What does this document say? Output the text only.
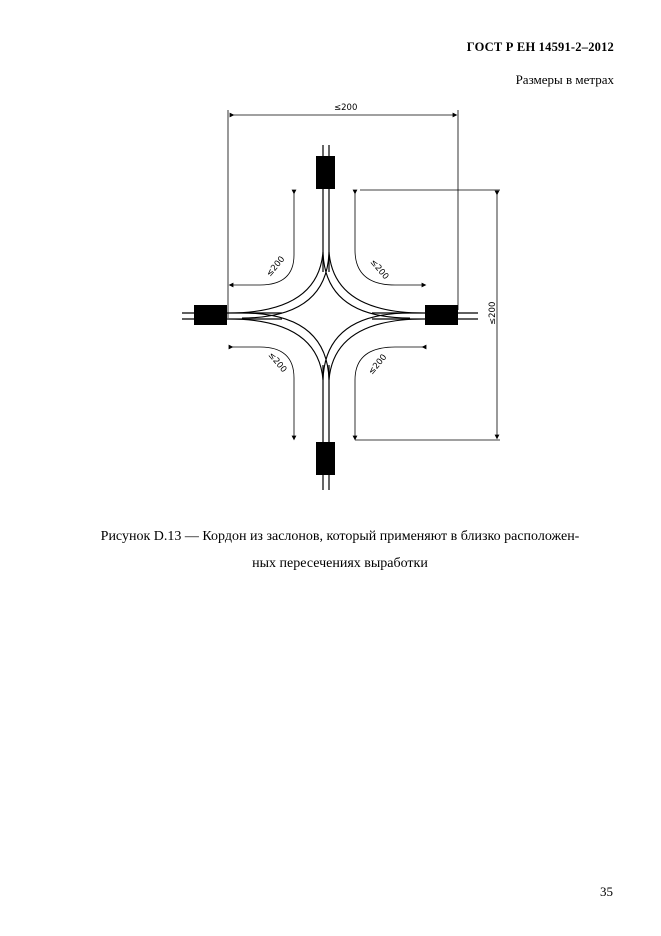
ГОСТ Р ЕН 14591-2–2012
Размеры в метрах
≤200
≤200
≤200	≤200
≤200	≤200
Рисунок D.13 — Кордон из заслонов, который применяют в близко расположен-
ных пересечениях выработки
35
